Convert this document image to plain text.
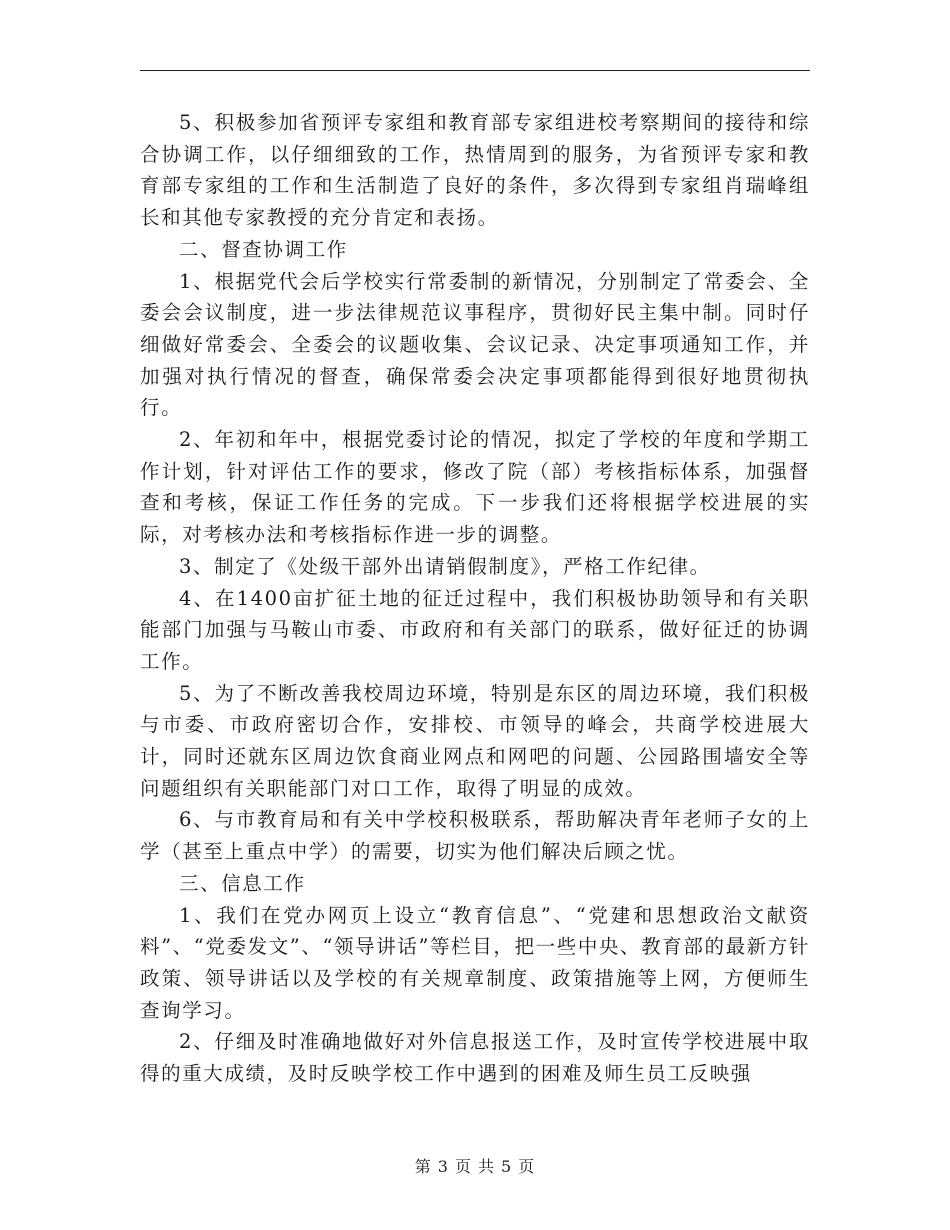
5、积极参加省预评专家组和教育部专家组进校考察期间的接待和综合协调工作，以仔细细致的工作，热情周到的服务，为省预评专家和教育部专家组的工作和生活制造了良好的条件，多次得到专家组肖瑞峰组长和其他专家教授的充分肯定和表扬。

二、督查协调工作

1、根据党代会后学校实行常委制的新情况，分别制定了常委会、全委会会议制度，进一步法律规范议事程序，贯彻好民主集中制。同时仔细做好常委会、全委会的议题收集、会议记录、决定事项通知工作，并加强对执行情况的督查，确保常委会决定事项都能得到很好地贯彻执行。

2、年初和年中，根据党委讨论的情况，拟定了学校的年度和学期工作计划，针对评估工作的要求，修改了院（部）考核指标体系，加强督查和考核，保证工作任务的完成。下一步我们还将根据学校进展的实际，对考核办法和考核指标作进一步的调整。

3、制定了《处级干部外出请销假制度》，严格工作纪律。

4、在1400亩扩征土地的征迁过程中，我们积极协助领导和有关职能部门加强与马鞍山市委、市政府和有关部门的联系，做好征迁的协调工作。

5、为了不断改善我校周边环境，特别是东区的周边环境，我们积极与市委、市政府密切合作，安排校、市领导的峰会，共商学校进展大计，同时还就东区周边饮食商业网点和网吧的问题、公园路围墙安全等问题组织有关职能部门对口工作，取得了明显的成效。

6、与市教育局和有关中学校积极联系，帮助解决青年老师子女的上学（甚至上重点中学）的需要，切实为他们解决后顾之忧。

三、信息工作

1、我们在党办网页上设立“教育信息”、“党建和思想政治文献资料”、“党委发文”、“领导讲话”等栏目，把一些中央、教育部的最新方针政策、领导讲话以及学校的有关规章制度、政策措施等上网，方便师生查询学习。

2、仔细及时准确地做好对外信息报送工作，及时宣传学校进展中取得的重大成绩，及时反映学校工作中遇到的困难及师生员工反映强

第 3 页 共 5 页
